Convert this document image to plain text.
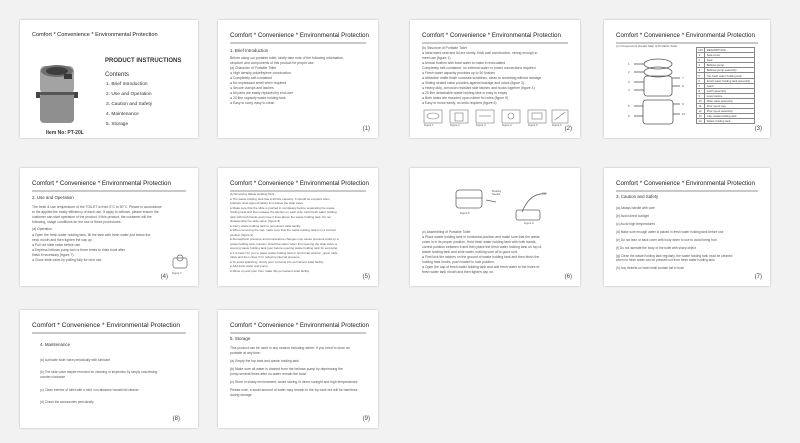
Comfort * Convenience * Environmental Protection
PRODUCT INSTRUCTIONS
Contents
1. Brief Introduction
2. Use and Operation
3. Caution and Safety
4. Maintenance
5. Storage
Item No: PT-20L
Comfort * Convenience * Environmental Protection
1. Brief Introduction
Before using our portable toilet, kindly take note of the following information,
structure and components of this product for proper use.
(a) Character of Portable Toilet
● High density polyethylene construction
● Completely self-contained
● No unpleasant smell when required
● Secure clamps and latches
● All parts are easily replaced by end user
● 20 litre capacity waste holding tank
● Easy to carry, easy to clean
( 1 )
Comfort * Convenience * Environmental Protection
(b) Structure of Portable Toilet
● Ideal sized seat and lid are sturdy, thick wall construction, strong enough to
meet use (figure 1)
● Almost flushes with bowl water to make it recirculated
Completely self-contained, no external water or power connections required
● Fresh water capacity provides up to 50 flushes
● Attractive matte finish conceals scratches, clean to scrubbing without damage
● Sliding sealed valve provides against leakage and odors (figure 3)
● Heavy duty, corrosion resistant side latches and hooks together (figure 4)
● 20 litre detachable waste holding tank is easy to empty
● Both tanks are mounted upon rubber fix holes (figure 5)
● Easy to move easily, no tools required (figure 6)
Figure 1	Figure 2	Figure 3	Figure 4	Figure 5	Figure 6
( 2 )
Comfort * Convenience * Environmental Protection
(c) Components Details Map of Portable Toilet
1
2
3
4
5
6
7
8
9
10
NO	DESCRIPTION
1	Seat cover
2	Seat
3	Bellows pump
4	Bellows pump assembly
5	Top fresh water holding tank
6	Fresh water holding tank assembly
7	Latch
8	Latch assembly
9	Level device
10	Slide valve assembly
11	Pour spout cap
12	Pour spout assembly
13	Cap, waste holding tank
14	Waste holding tank
( 3 )
Comfort * Convenience * Environmental Protection
2. Use and Operation
The fresh & use temperature of the TOILET is from 0°C to 50°C. Please in accordance
to the applied the easily efficiency of each use. If apply to bellows, please ensure the
customer can start operation of the product. If this product, the customer will the
following, usage conditions for the use of these procedures.
(a) Operation
● Open the fresh water holding tank, fill the tank with fresh water just below the
neck mouth and then tighten the cap up.
● Pull out slide valve before use.
● Depress bellows pump two or three times to rinse bowl after
finish it necessary (figure 7).
● Close slide valve by pulling fully for next use.
Figure 7
( 4 )
Comfort * Convenience * Environmental Protection
(b) Emptying Waste Holding Tank
● The waste holding tank has a 20 litre capacity. It should be emptied when
indicator level approximately 3cm below the slide valve.
● Make sure that the slide is pushed in completely before separating the waste
holding tank and then release the latches on each side. Hold fresh water holding
tank with both hands and move it lines above the waste holding tank. Do not
disassemble the slide valve. (figure 8)
● Carry waste holding tank to permanent toilet facility.
● When removing the cap, make sure that the waste holding tank is in a vertical
position (figure 9).
● Atmospheric pressure and temperature changes may cause pressure build up in
waste holding tank. Caution should be taken when first opening the slide valve or
opening waste holding tank pour before opening waste holding tank for emptying.
● It is better for you to place waste holding tank in horizontal position, upper slide
valve and then close it for reducing internal pressure.
● To avoid splashing, slowly pour contents into permanent toilet facility.
● Add fresh water and pump.
● Rinse up and pour from make this permanent toilet facility.
( 5 )
Figure 8
Floating
Needle	Cap
Figure 9
(c) Assembling of Portable Toilet
● Place waste holding tank in horizontal position and make sure that the waste
cover is in its proper position. Hold fresh water holding tank with both hands,
correct position between it and then place the fresh water holding tank on top of
waste holding tank and slide water, making sure all is good sort.
● First lock the latches on the ground of waste holding tank and then finish the
holding tank hooks, push inward to lock position.
● Open the cap of fresh water holding tank and add fresh water to the holes of
fresh water tank mouth and then tighten cap on.
( 6 )
Comfort * Convenience * Environmental Protection
3. Caution and Safety
(a) Always handle with care
(b) Avoid direct sunlight
(c) Avoid high temperatures
(d) Make sure enough water is placed in fresh water holding tank before use
(e) Do not lean or back cover with body when to use to avoid being hurt
(f) Do not lacerate the body of the toilet with sharp object
(g) Clean the waste holding tank regularly, the waste holding tank must be cleaned
when no fresh water can be pressed out from fresh water holding tank
(h) Any trinkets on hotel shall contain fall in bowl
( 7 )
Comfort * Convenience * Environmental Protection
4. Maintenance
(a) Lubricate slide valve periodically with lubricant
(b) The slide valve maybe removed for cleaning or inspection by simply unscrewing
counter clockwise
(c) Clean exterior of toilet with a mild, non-abrasive household cleaner
(d) Check the accessories periodically
( 8 )
Comfort * Convenience * Environmental Protection
5. Storage
This product can be used in any season including winter. If you need to store an
portable at any time:
(a) Empty the top tank and waste holding tank
(b) Make sure all water is drained from the bellows pump by depressing the
pump several times after no water remain the bowl
(c) Store in shady environment, avoid storing in direct sunlight and high temperatures
Please note, a small amount of water may remain in the top tank but will be harmless
during storage
( 9 )
